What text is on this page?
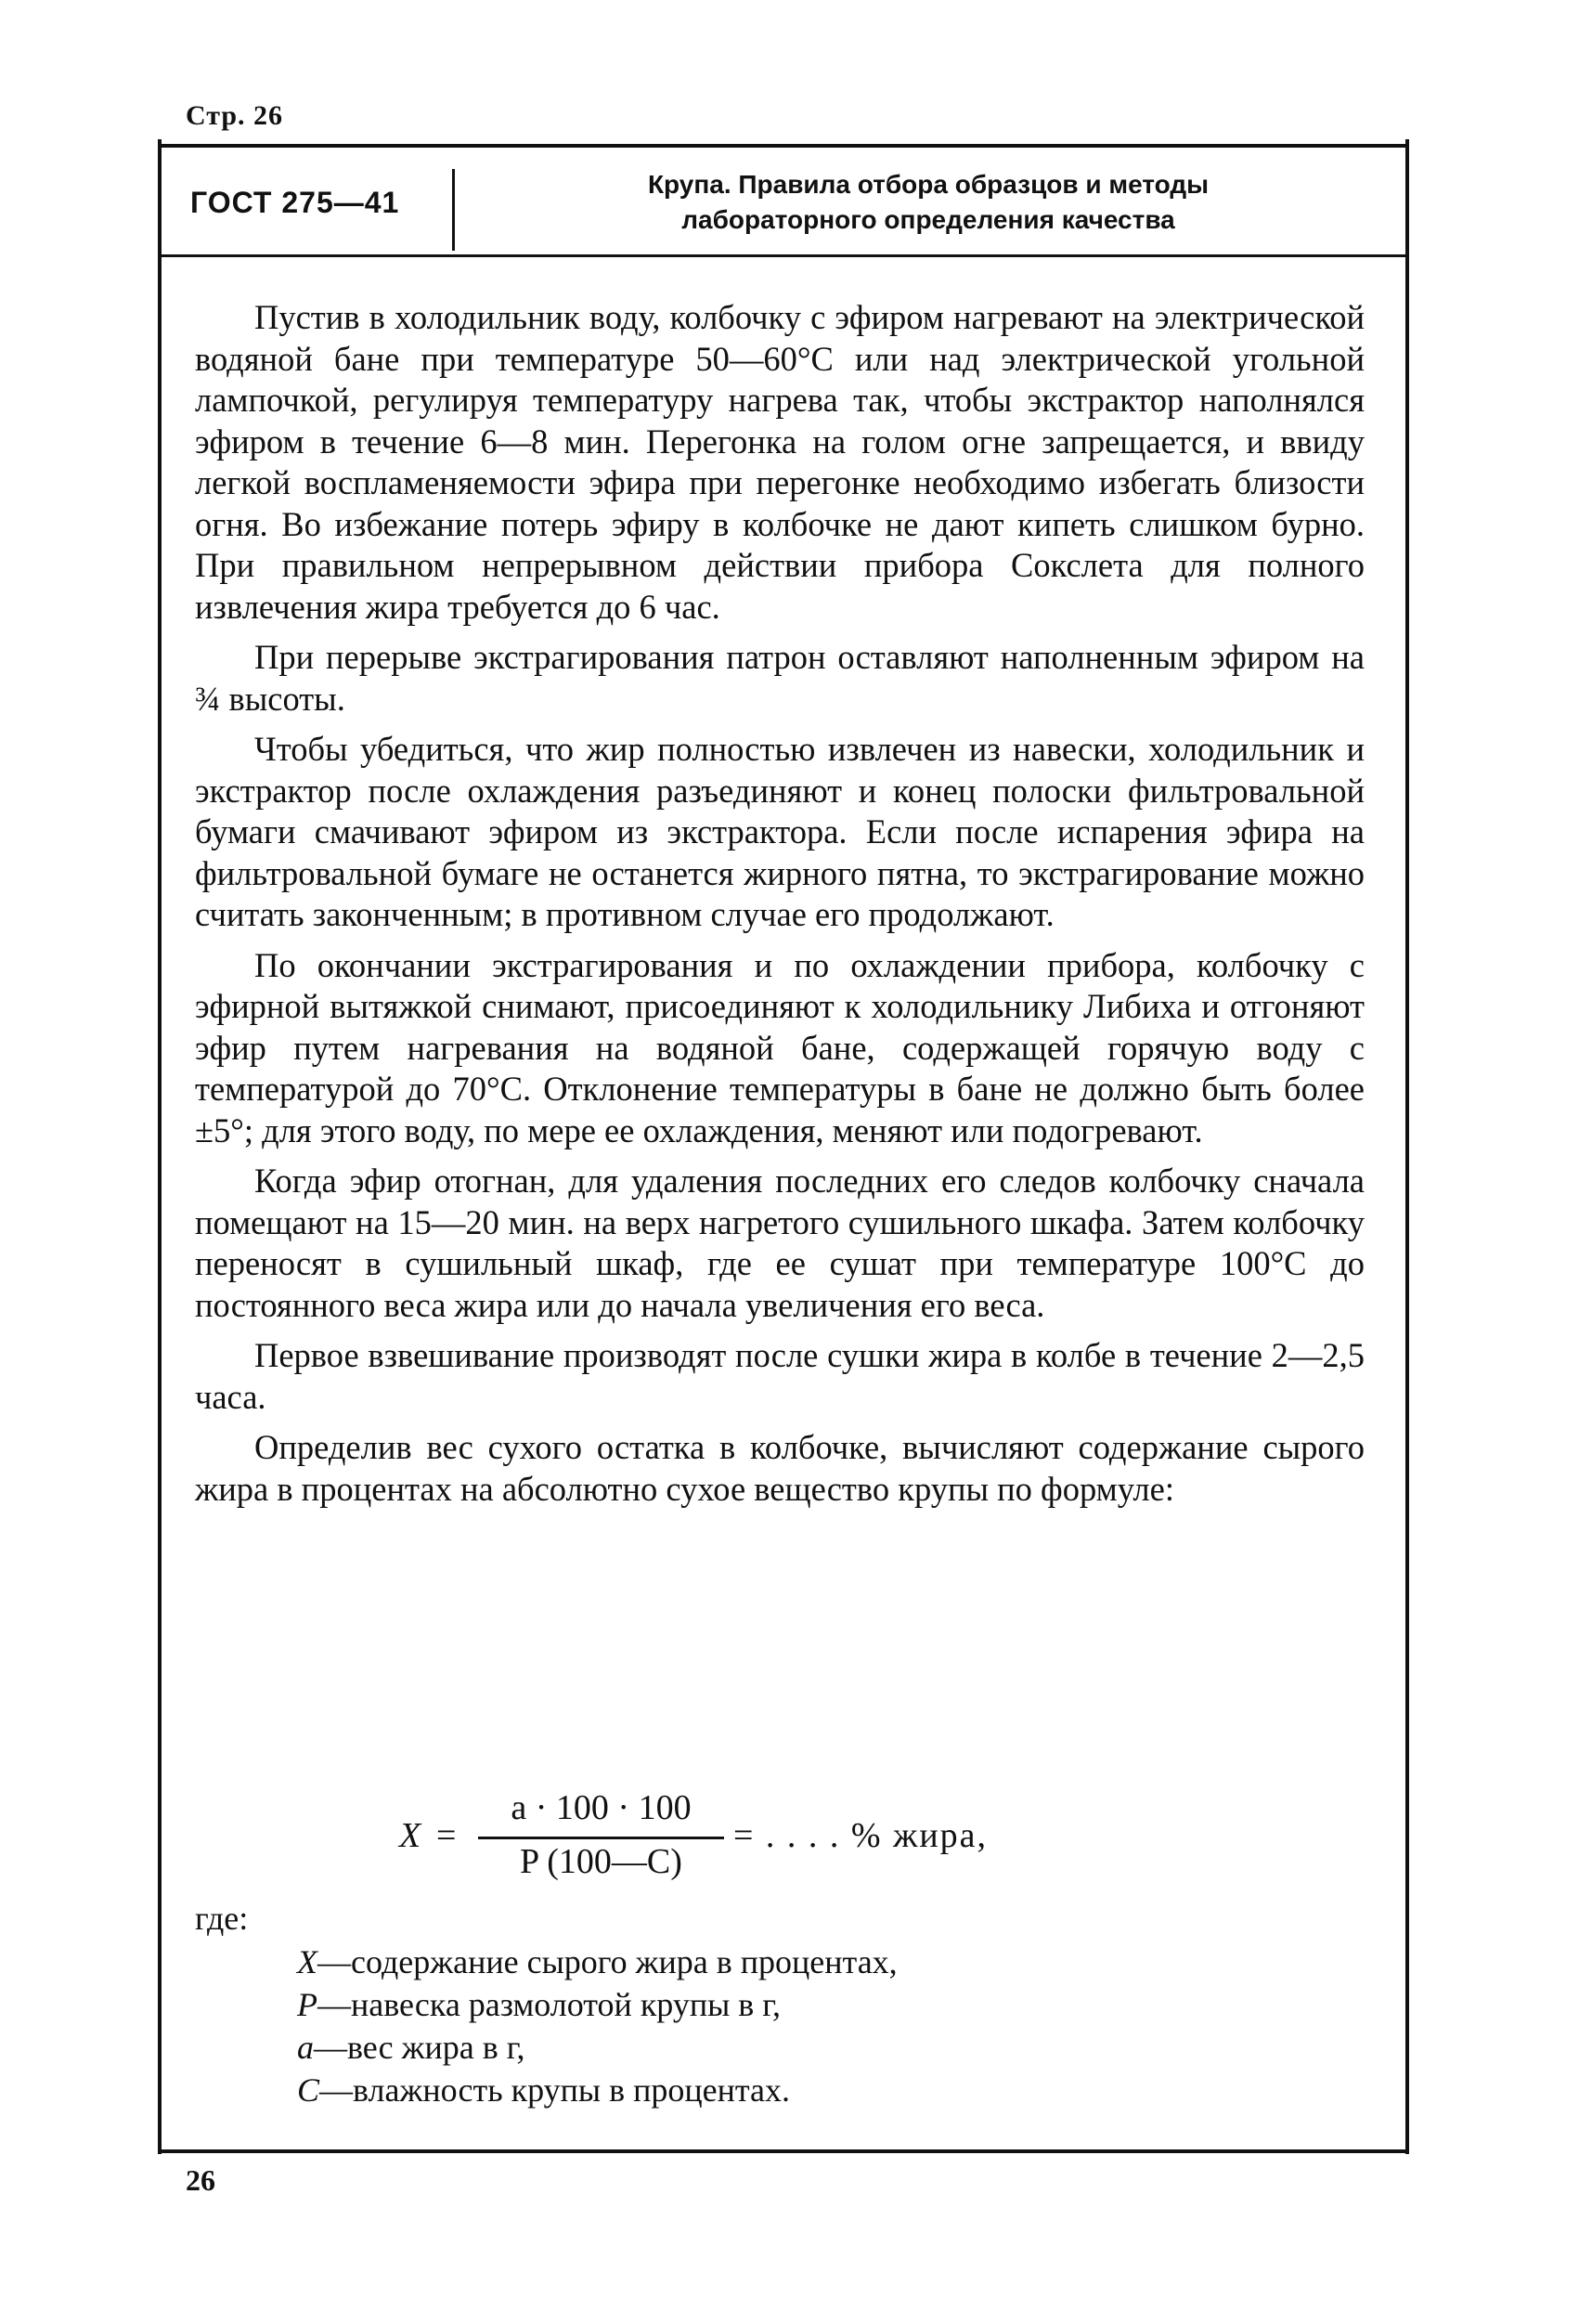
Стр. 26
ГОСТ 275—41
Крупа. Правила отбора образцов и методы
лабораторного определения качества

Пустив в холодильник воду, колбочку с эфиром нагревают на электрической водяной бане при температуре 50—60°С или над электрической угольной лампочкой, регулируя температуру нагрева так, чтобы экстрактор наполнялся эфиром в течение 6—8 мин. Перегонка на голом огне запрещается, и ввиду легкой воспламеняемости эфира при перегонке необходимо избегать близости огня. Во избежание потерь эфиру в колбочке не дают кипеть слишком бурно. При правильном непрерывном действии прибора Сокслета для полного извлечения жира требуется до 6 час.

При перерыве экстрагирования патрон оставляют наполненным эфиром на ¾ высоты.

Чтобы убедиться, что жир полностью извлечен из навески, холодильник и экстрактор после охлаждения разъединяют и конец полоски фильтровальной бумаги смачивают эфиром из экстрактора. Если после испарения эфира на фильтровальной бумаге не останется жирного пятна, то экстрагирование можно считать законченным; в противном случае его продолжают.

По окончании экстрагирования и по охлаждении прибора, колбочку с эфирной вытяжкой снимают, присоединяют к холодильнику Либиха и отгоняют эфир путем нагревания на водяной бане, содержащей горячую воду с температурой до 70°С. Отклонение температуры в бане не должно быть более ±5°; для этого воду, по мере ее охлаждения, меняют или подогревают.

Когда эфир отогнан, для удаления последних его следов колбочку сначала помещают на 15—20 мин. на верх нагретого сушильного шкафа. Затем колбочку переносят в сушильный шкаф, где ее сушат при температуре 100°С до постоянного веса жира или до начала увеличения его веса.

Первое взвешивание производят после сушки жира в колбе в течение 2—2,5 часа.

Определив вес сухого остатка в колбочке, вычисляют содержание сырого жира в процентах на абсолютно сухое вещество крупы по формуле:

X =
a · 100 · 100
P (100—C)
= . . . . % жира,
где:
X—содержание сырого жира в процентах,
P—навеска размолотой крупы в г,
a—вес жира в г,
C—влажность крупы в процентах.
26
